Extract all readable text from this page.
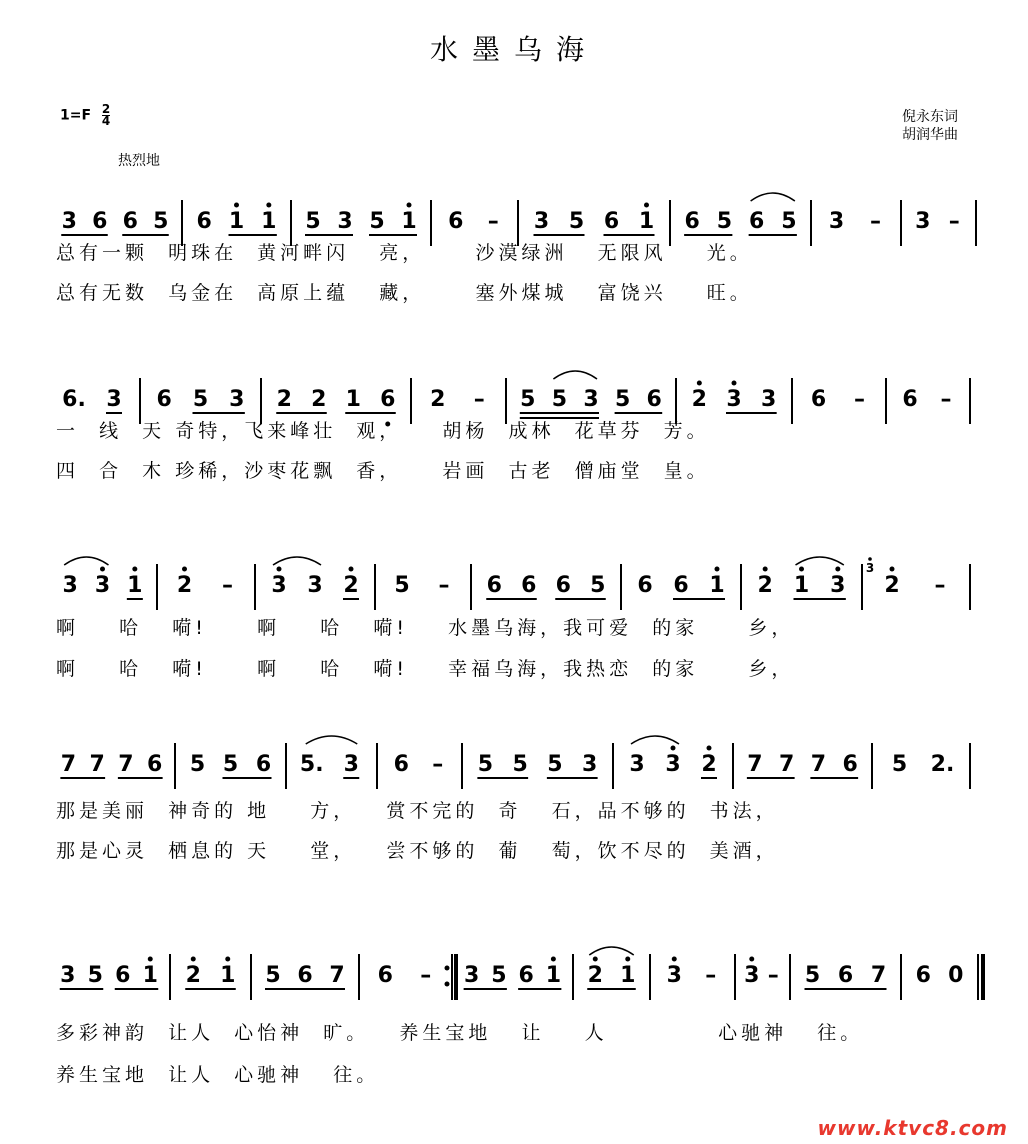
水墨乌海
$1=F \frac{2}{4}$
热烈地
倪永东词
胡润华曲
3 6 6 5 6 1 1 5 3 5 1 6 – 3 5 6 1 6 5 6 5 3 – 3 –
6. 3 6 5 3 2 2 1 6 2 – 5 5 3 5 6 2 3 3 6 – 6 –
3 3 1 2 – 3 3 2 5 – 6 6 6 5 6 6 1 2 1 3 2 –
3
7 7 7 6 5 5 6 5. 3 6 – 5 5 5 3 3 3 2 7 7 7 6 5 2.
3 5 6 1 2 1 5 6 7 6 – 3 5 6 1 2 1 3 – 3 – 5 6 7 6 0
总有一颗  明珠在  黄河畔闪   亮，     沙漠绿洲   无限风    光。
总有无数  乌金在  高原上蕴   藏，     塞外煤城   富饶兴    旺。
一  线  天 奇特，飞来峰壮  观，    胡杨  成林  花草芬  芳。
四  合  木 珍稀，沙枣花飘  香，    岩画  古老  僧庙堂  皇。
啊    哈   嗬!     啊    哈   嗬!    水墨乌海，我可爱  的家     乡，
啊    哈   嗬!     啊    哈   嗬!    幸福乌海，我热恋  的家     乡，
那是美丽  神奇的 地    方，   赏不完的  奇   石，品不够的  书法，
那是心灵  栖息的 天    堂，   尝不够的  葡   萄，饮不尽的  美酒，
多彩神韵  让人  心怡神  旷。   养生宝地   让    人           心驰神   往。
养生宝地  让人  心驰神   往。
www.ktvc8.com
